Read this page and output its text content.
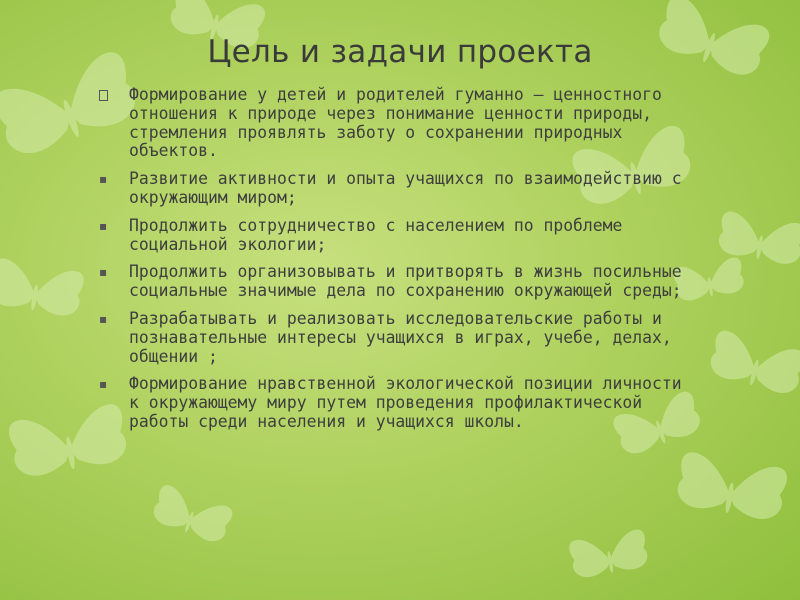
Цель и задачи проекта
Формирование у детей и родителей гуманно – ценностного отношения к природе через понимание ценности природы, стремления проявлять заботу о сохранении природных объектов.
▪ Развитие активности и опыта учащихся по взаимодействию с окружающим миром;
▪ Продолжить сотрудничество с населением по проблеме социальной экологии;
▪ Продолжить организовывать и притворять в жизнь посильные социальные значимые дела по сохранению окружающей среды;
▪ Разрабатывать и реализовать исследовательские работы и познавательные интересы учащихся в играх, учебе, делах, общении ;
▪ Формирование нравственной экологической позиции личности к окружающему миру путем проведения профилактической работы среди населения и учащихся школы.
